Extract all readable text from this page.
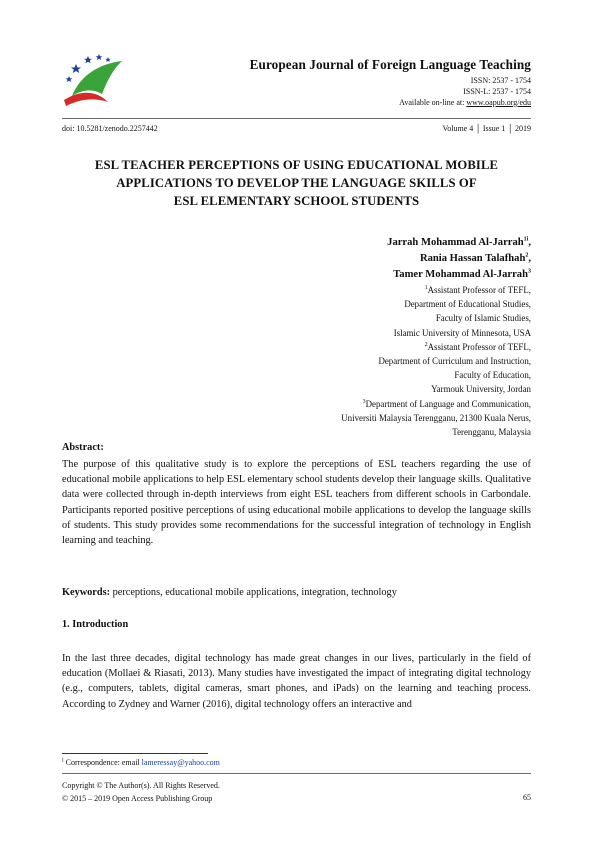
European Journal of Foreign Language Teaching
ISSN: 2537 - 1754
ISSN-L: 2537 - 1754
Available on-line at: www.oapub.org/edu
doi: 10.5281/zenodo.2257442	Volume 4 │ Issue 1 │ 2019
ESL TEACHER PERCEPTIONS OF USING EDUCATIONAL MOBILE
APPLICATIONS TO DEVELOP THE LANGUAGE SKILLS OF
ESL ELEMENTARY SCHOOL STUDENTS
Jarrah Mohammad Al-Jarrah$^{1i}$,
Rania Hassan Talafhah$^2$,
Tamer Mohammad Al-Jarrah$^3$
$^1$Assistant Professor of TEFL,
Department of Educational Studies,
Faculty of Islamic Studies,
Islamic University of Minnesota, USA
$^2$Assistant Professor of TEFL,
Department of Curriculum and Instruction,
Faculty of Education,
Yarmouk University, Jordan
$^3$Department of Language and Communication,
Universiti Malaysia Terengganu, 21300 Kuala Nerus,
Terengganu, Malaysia
Abstract:
The purpose of this qualitative study is to explore the perceptions of ESL teachers regarding the use of educational mobile applications to help ESL elementary school students develop their language skills. Qualitative data were collected through in-depth interviews from eight ESL teachers from different schools in Carbondale. Participants reported positive perceptions of using educational mobile applications to develop the language skills of students. This study provides some recommendations for the successful integration of technology in English learning and teaching.
Keywords: perceptions, educational mobile applications, integration, technology
1. Introduction
In the last three decades, digital technology has made great changes in our lives, particularly in the field of education (Mollaei & Riasati, 2013). Many studies have investigated the impact of integrating digital technology (e.g., computers, tablets, digital cameras, smart phones, and iPads) on the learning and teaching process. According to Zydney and Warner (2016), digital technology offers an interactive and
$^i$ Correspondence: email lameressay@yahoo.com
Copyright © The Author(s). All Rights Reserved.
© 2015 – 2019 Open Access Publishing Group	65
